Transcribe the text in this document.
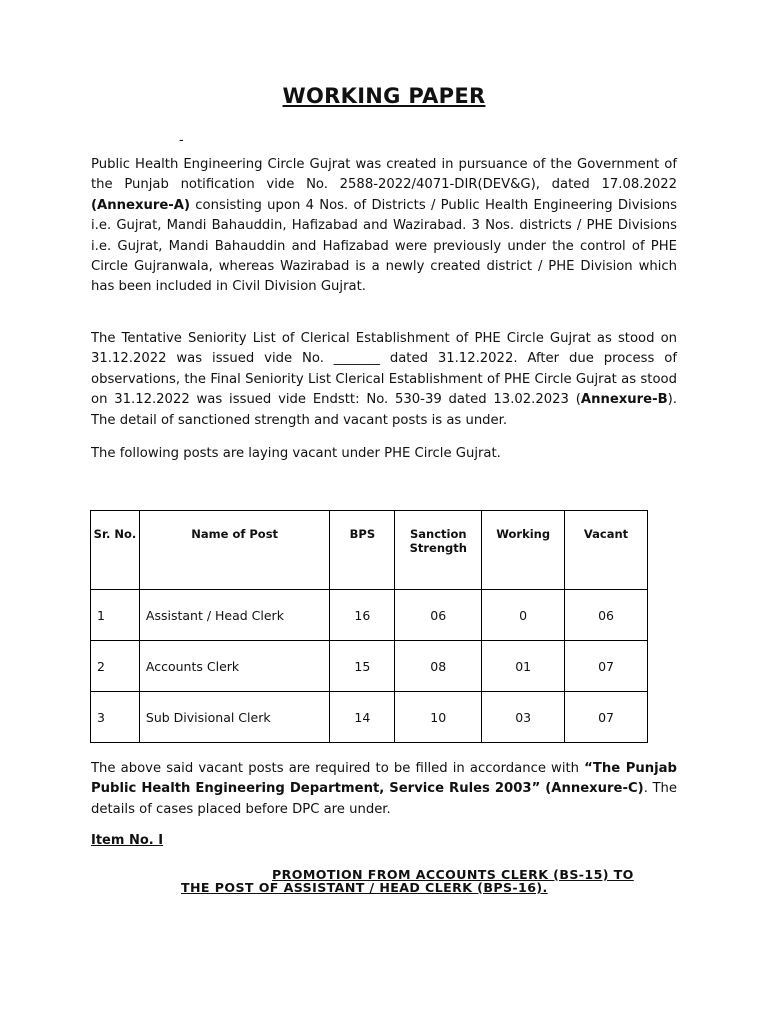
WORKING PAPER
-

Public Health Engineering Circle Gujrat was created in pursuance of the Government of the Punjab notification vide No. 2588-2022/4071-DIR(DEV&G), dated 17.08.2022 (Annexure-A) consisting upon 4 Nos. of Districts / Public Health Engineering Divisions i.e. Gujrat, Mandi Bahauddin, Hafizabad and Wazirabad. 3 Nos. districts / PHE Divisions i.e. Gujrat, Mandi Bahauddin and Hafizabad were previously under the control of PHE Circle Gujranwala, whereas Wazirabad is a newly created district / PHE Division which has been included in Civil Division Gujrat.

The Tentative Seniority List of Clerical Establishment of PHE Circle Gujrat as stood on 31.12.2022 was issued vide No. _______ dated 31.12.2022. After due process of observations, the Final Seniority List Clerical Establishment of PHE Circle Gujrat as stood on 31.12.2022 was issued vide Endstt: No. 530-39 dated 13.02.2023 (Annexure-B). The detail of sanctioned strength and vacant posts is as under.

The following posts are laying vacant under PHE Circle Gujrat.

Sr. No.	Name of Post	BPS	Sanction Strength	Working	Vacant
1	Assistant / Head Clerk	16	06	0	06
2	Accounts Clerk	15	08	01	07
3	Sub Divisional Clerk	14	10	03	07

The above said vacant posts are required to be filled in accordance with “The Punjab Public Health Engineering Department, Service Rules 2003” (Annexure-C). The details of cases placed before DPC are under.

Item No. I
PROMOTION FROM ACCOUNTS CLERK (BS-15) TO
THE POST OF ASSISTANT / HEAD CLERK (BPS-16).
